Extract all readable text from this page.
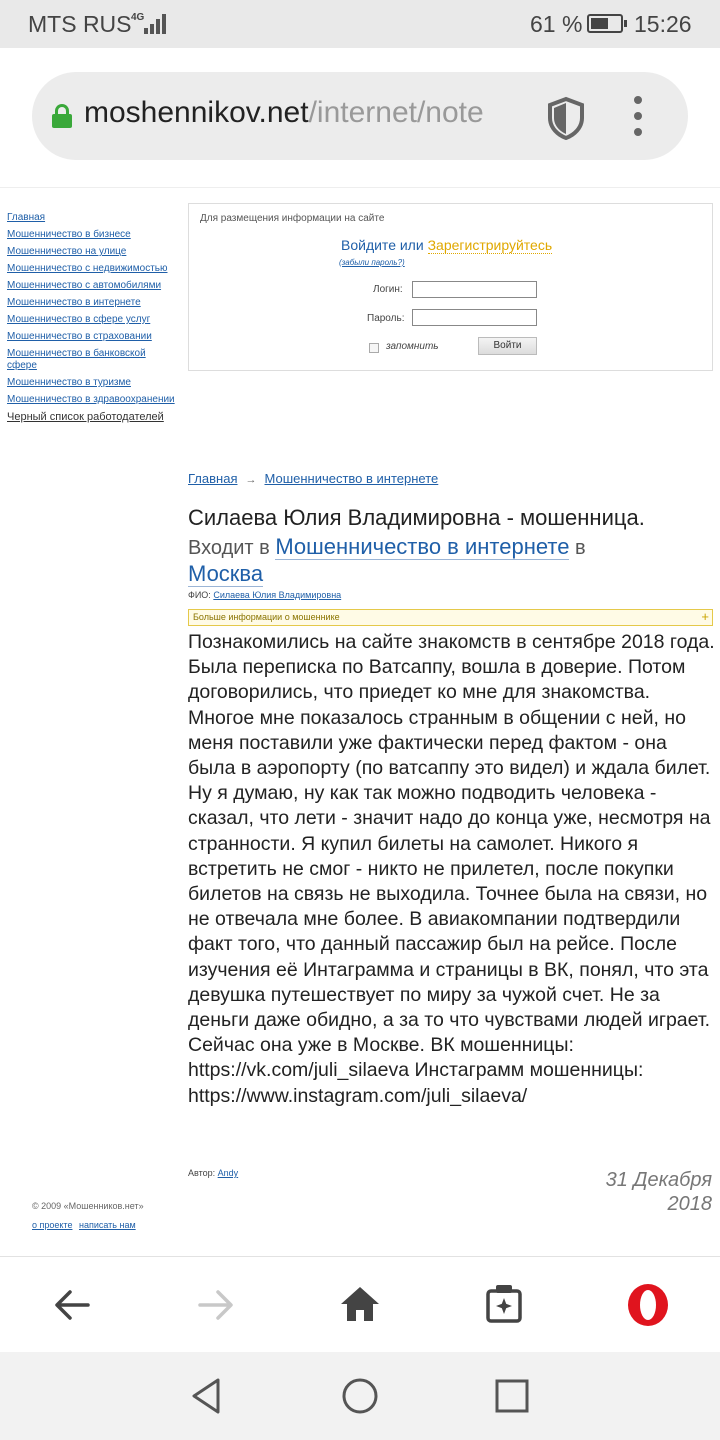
MTS RUS 4G	61 % 15:26
moshennikov.net/internet/note
Главная
Мошенничество в бизнесе
Мошенничество на улице
Мошенничество с недвижимостью
Мошенничество с автомобилями
Мошенничество в интернете
Мошенничество в сфере услуг
Мошенничество в страховании
Мошенничество в банковской сфере
Мошенничество в туризме
Мошенничество в здравоохранении
Черный список работодателей
Для размещения информации на сайте
Войдите или Зарегистрируйтесь
(забыли пароль?)
Логин:
Пароль:
запомнить	Войти
Главная → Мошенничество в интернете
Силаева Юлия Владимировна - мошенница.
Входит в Мошенничество в интернете в
Москва
ФИО: Силаева Юлия Владимировна
Больше информации о мошеннике	+
Познакомились на сайте знакомств в сентябре 2018 года. Была переписка по Ватсаппу, вошла в доверие. Потом договорились, что приедет ко мне для знакомства. Многое мне показалось странным в общении с ней, но меня поставили уже фактически перед фактом - она была в аэропорту (по ватсаппу это видел) и ждала билет. Ну я думаю, ну как так можно подводить человека - сказал, что лети - значит надо до конца уже, несмотря на странности. Я купил билеты на самолет. Никого я встретить не смог - никто не прилетел, после покупки билетов на связь не выходила. Точнее была на связи, но не отвечала мне более. В авиакомпании подтвердили факт того, что данный пассажир был на рейсе. После изучения её Интаграмма и страницы в ВК, понял, что эта девушка путешествует по миру за чужой счет. Не за деньги даже обидно, а за то что чувствами людей играет. Сейчас она уже в Москве. ВК мошенницы: https://vk.com/juli_silaeva Инстаграмм мошенницы: https://www.instagram.com/juli_silaeva/
Автор: Andy	31 Декабря
2018
© 2009 «Мошенников.нет»
о проекте написать нам
